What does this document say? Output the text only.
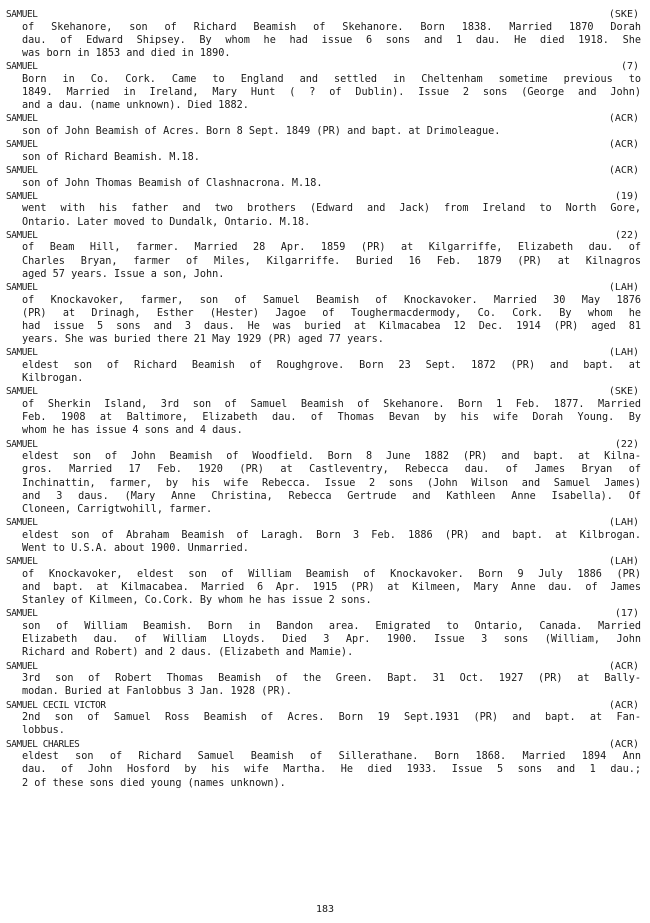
SAMUEL	(SKE)
of Skehanore, son of Richard Beamish of Skehanore. Born 1838. Married 1870 Dorah
dau. of Edward Shipsey. By whom he had issue 6 sons and 1 dau. He died 1918. She
was born in 1853 and died in 1890.
SAMUEL	(7)
Born in Co. Cork. Came to England and settled in Cheltenham sometime previous to
1849. Married in Ireland, Mary Hunt ( ? of Dublin). Issue 2 sons (George and John)
and a dau. (name unknown). Died 1882.
SAMUEL	(ACR)
son of John Beamish of Acres. Born 8 Sept. 1849 (PR) and bapt. at Drimoleague.
SAMUEL	(ACR)
son of Richard Beamish. M.18.
SAMUEL	(ACR)
son of John Thomas Beamish of Clashnacrona. M.18.
SAMUEL	(19)
went with his father and two brothers (Edward and Jack) from Ireland to North Gore,
Ontario. Later moved to Dundalk, Ontario. M.18.
SAMUEL	(22)
of Beam Hill, farmer. Married 28 Apr. 1859 (PR) at Kilgarriffe, Elizabeth dau. of
Charles Bryan, farmer of Miles, Kilgarriffe. Buried 16 Feb. 1879 (PR) at Kilnagros
aged 57 years. Issue a son, John.
SAMUEL	(LAH)
of Knockavoker, farmer, son of Samuel Beamish of Knockavoker. Married 30 May 1876
(PR) at Drinagh, Esther (Hester) Jagoe of Toughermacdermody, Co. Cork. By whom he
had issue 5 sons and 3 daus. He was buried at Kilmacabea 12 Dec. 1914 (PR) aged 81
years. She was buried there 21 May 1929 (PR) aged 77 years.
SAMUEL	(LAH)
eldest son of Richard Beamish of Roughgrove. Born 23 Sept. 1872 (PR) and bapt. at
Kilbrogan.
SAMUEL	(SKE)
of Sherkin Island, 3rd son of Samuel Beamish of Skehanore. Born 1 Feb. 1877. Married
Feb. 1908 at Baltimore, Elizabeth dau. of Thomas Bevan by his wife Dorah Young. By
whom he has issue 4 sons and 4 daus.
SAMUEL	(22)
eldest son of John Beamish of Woodfield. Born 8 June 1882 (PR) and bapt. at Kilna-
gros. Married 17 Feb. 1920 (PR) at Castleventry, Rebecca dau. of James Bryan of
Inchinattin, farmer, by his wife Rebecca. Issue 2 sons (John Wilson and Samuel James)
and 3 daus. (Mary Anne Christina, Rebecca Gertrude and Kathleen Anne Isabella). Of
Cloneen, Carrigtwohill, farmer.
SAMUEL	(LAH)
eldest son of Abraham Beamish of Laragh. Born 3 Feb. 1886 (PR) and bapt. at Kilbrogan.
Went to U.S.A. about 1900. Unmarried.
SAMUEL	(LAH)
of Knockavoker, eldest son of William Beamish of Knockavoker. Born 9 July 1886 (PR)
and bapt. at Kilmacabea. Married 6 Apr. 1915 (PR) at Kilmeen, Mary Anne dau. of James
Stanley of Kilmeen, Co.Cork. By whom he has issue 2 sons.
SAMUEL	(17)
son of William Beamish. Born in Bandon area. Emigrated to Ontario, Canada. Married
Elizabeth dau. of William Lloyds. Died 3 Apr. 1900. Issue 3 sons (William, John
Richard and Robert) and 2 daus. (Elizabeth and Mamie).
SAMUEL	(ACR)
3rd son of Robert Thomas Beamish of the Green. Bapt. 31 Oct. 1927 (PR) at Bally-
modan. Buried at Fanlobbus 3 Jan. 1928 (PR).
SAMUEL CECIL VICTOR	(ACR)
2nd son of Samuel Ross Beamish of Acres. Born 19 Sept.1931 (PR) and bapt. at Fan-
lobbus.
SAMUEL CHARLES	(ACR)
eldest son of Richard Samuel Beamish of Sillerathane. Born 1868. Married 1894 Ann
dau. of John Hosford by his wife Martha. He died 1933. Issue 5 sons and 1 dau.;
2 of these sons died young (names unknown).
183
